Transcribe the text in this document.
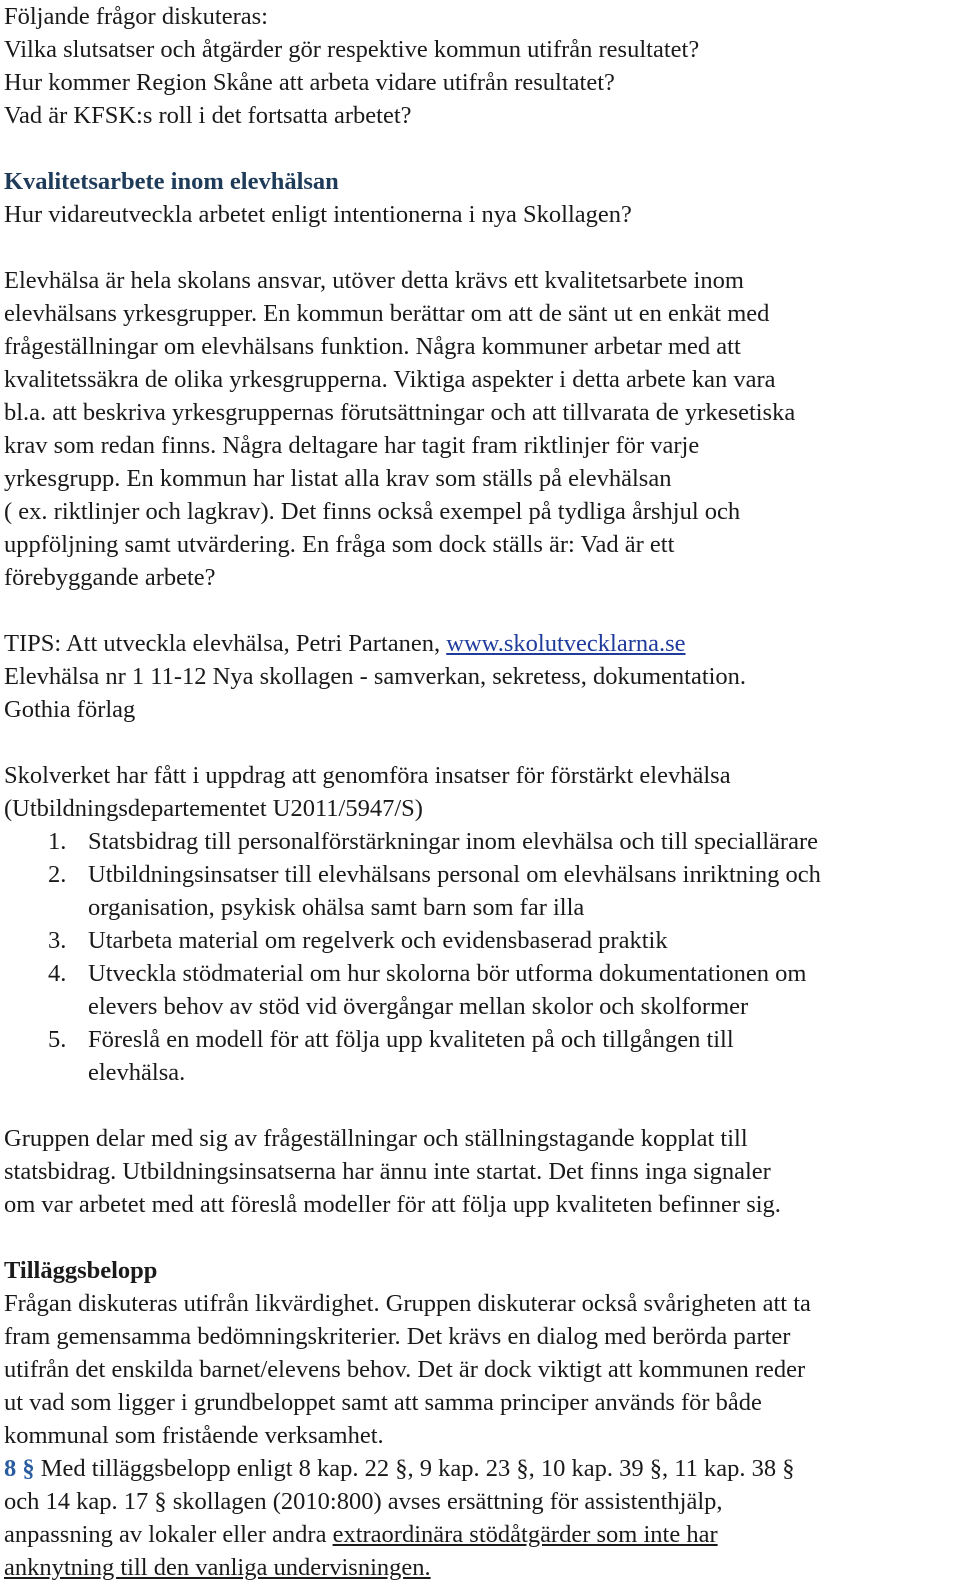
Följande frågor diskuteras:

Vilka slutsatser och åtgärder gör respektive kommun utifrån resultatet?

Hur kommer Region Skåne att arbeta vidare utifrån resultatet?

Vad är KFSK:s roll i det fortsatta arbetet?

Kvalitetsarbete inom elevhälsan

Hur vidareutveckla arbetet enligt intentionerna i nya Skollagen?

Elevhälsa är hela skolans ansvar, utöver detta krävs ett kvalitetsarbete inom
elevhälsans yrkesgrupper. En kommun berättar om att de sänt ut en enkät med
frågeställningar om elevhälsans funktion. Några kommuner arbetar med att
kvalitetssäkra de olika yrkesgrupperna. Viktiga aspekter i detta arbete kan vara
bl.a. att beskriva yrkesgruppernas förutsättningar och att tillvarata de yrkesetiska
krav som redan finns. Några deltagare har tagit fram riktlinjer för varje
yrkesgrupp. En kommun har listat alla krav som ställs på elevhälsan
( ex. riktlinjer och lagkrav). Det finns också exempel på tydliga årshjul och
uppföljning samt utvärdering. En fråga som dock ställs är: Vad är ett
förebyggande arbete?

TIPS: Att utveckla elevhälsa, Petri Partanen, www.skolutvecklarna.se

Elevhälsa nr 1 11-12 Nya skollagen - samverkan, sekretess, dokumentation.

Gothia förlag

Skolverket har fått i uppdrag att genomföra insatser för förstärkt elevhälsa

(Utbildningsdepartementet U2011/5947/S)

1. Statsbidrag till personalförstärkningar inom elevhälsa och till speciallärare
2. Utbildningsinsatser till elevhälsans personal om elevhälsans inriktning och
organisation, psykisk ohälsa samt barn som far illa
3. Utarbeta material om regelverk och evidensbaserad praktik
4. Utveckla stödmaterial om hur skolorna bör utforma dokumentationen om
elevers behov av stöd vid övergångar mellan skolor och skolformer
5. Föreslå en modell för att följa upp kvaliteten på och tillgången till
elevhälsa.
Gruppen delar med sig av frågeställningar och ställningstagande kopplat till
statsbidrag. Utbildningsinsatserna har ännu inte startat. Det finns inga signaler
om var arbetet med att föreslå modeller för att följa upp kvaliteten befinner sig.

Tilläggsbelopp

Frågan diskuteras utifrån likvärdighet. Gruppen diskuterar också svårigheten att ta
fram gemensamma bedömningskriterier. Det krävs en dialog med berörda parter
utifrån det enskilda barnet/elevens behov. Det är dock viktigt att kommunen reder
ut vad som ligger i grundbeloppet samt att samma principer används för både
kommunal som fristående verksamhet.
8 § Med tilläggsbelopp enligt 8 kap. 22 §, 9 kap. 23 §, 10 kap. 39 §, 11 kap. 38 §
och 14 kap. 17 § skollagen (2010:800) avses ersättning för assistenthjälp,
anpassning av lokaler eller andra extraordinära stödåtgärder som inte har
anknytning till den vanliga undervisningen.
